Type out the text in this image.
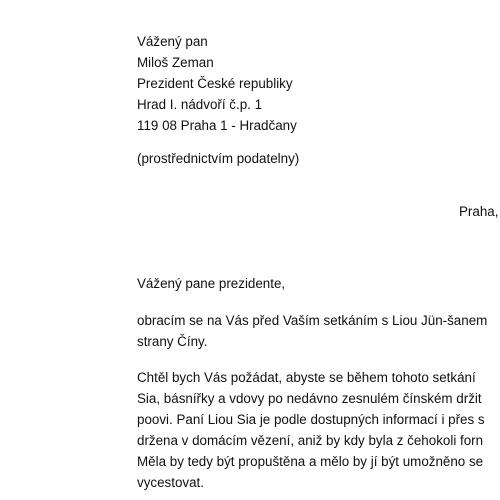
Vážený pan
Miloš Zeman
Prezident České republiky
Hrad I. nádvoří č.p. 1
119 08 Praha 1 - Hradčany
(prostřednictvím podatelny)
Praha,
Vážený pane prezidente,
obracím se na Vás před Vaším setkáním s Liou Jün-šanem
strany Číny.
Chtěl bych Vás požádat, abyste se během tohoto setkání
Sia, básnířky a vdovy po nedávno zesnulém čínském držit
poovi. Paní Liou Sia je podle dostupných informací i přes s
držena v domácím vězení, aniž by kdy byla z čehokoli forn
Měla by tedy být propuštěna a mělo by jí být umožněno se
vycestovat.
